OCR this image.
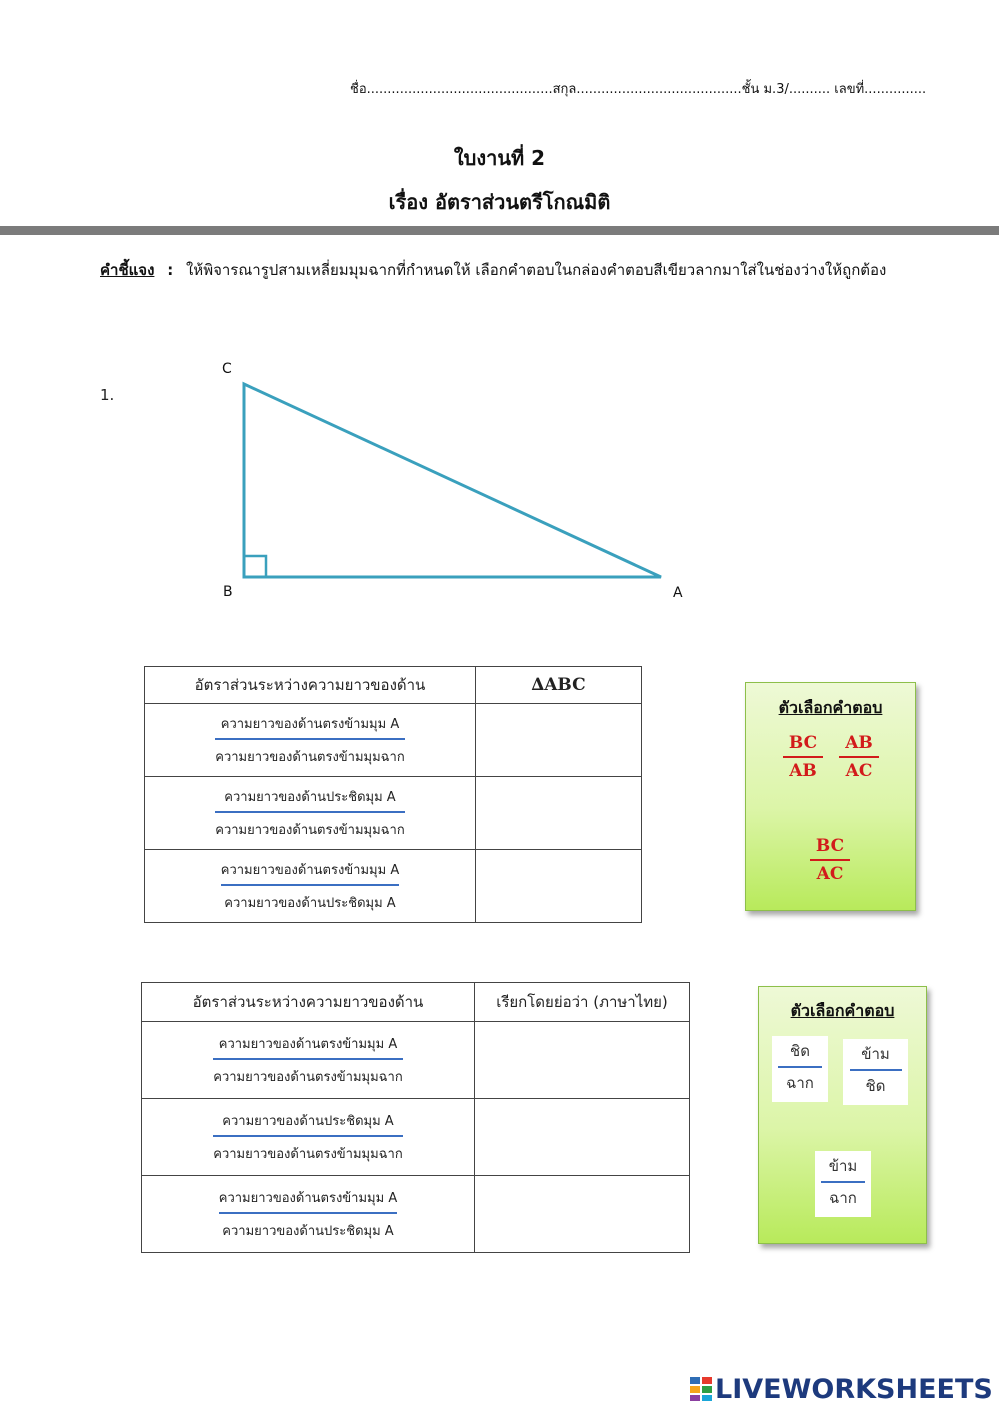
ชื่อ.............................................สกุล........................................ชั้น ม.3/.......... เลขที่...............
ใบงานที่ 2
เรื่อง อัตราส่วนตรีโกณมิติ
คำชี้แจง : ให้พิจารณารูปสามเหลี่ยมมุมฉากที่กำหนดให้ เลือกคำตอบในกล่องคำตอบสีเขียวลากมาใส่ในช่องว่างให้ถูกต้อง
1.
C
B	A
อัตราส่วนระหว่างความยาวของด้าน	∆ABC

$\frac{\text{ความยาวของด้านตรงข้ามมุม A}}{\text{ความยาวของด้านตรงข้ามมุมฉาก}}$

$\frac{\text{ความยาวของด้านประชิดมุม A}}{\text{ความยาวของด้านตรงข้ามมุมฉาก}}$

$\frac{\text{ความยาวของด้านตรงข้ามมุม A}}{\text{ความยาวของด้านประชิดมุม A}}$

ตัวเลือกคำตอบ
$\frac{BC}{AB} \frac{AB}{AC}$
$\frac{BC}{AC}$
อัตราส่วนระหว่างความยาวของด้าน	เรียกโดยย่อว่า (ภาษาไทย)

$\frac{\text{ความยาวของด้านตรงข้ามมุม A}}{\text{ความยาวของด้านตรงข้ามมุมฉาก}}$

$\frac{\text{ความยาวของด้านประชิดมุม A}}{\text{ความยาวของด้านตรงข้ามมุมฉาก}}$

$\frac{\text{ความยาวของด้านตรงข้ามมุม A}}{\text{ความยาวของด้านประชิดมุม A}}$

ตัวเลือกคำตอบ
ชิด
ฉาก
ข้าม
ชิด
ข้าม
ฉาก
LIVEWORKSHEETS
